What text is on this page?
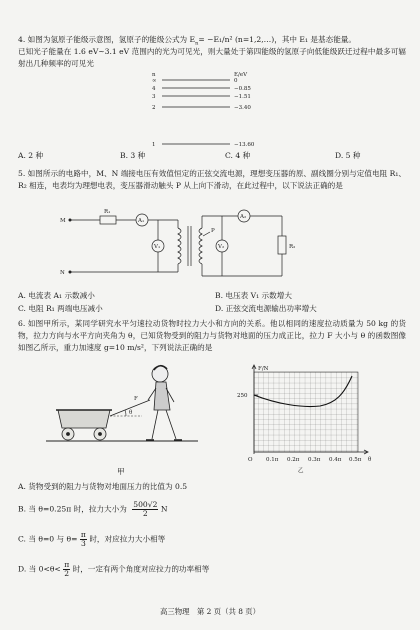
4. 如图为氢原子能级示意图，氢原子的能级公式为 $E_n= -E_1/n^2$ (n=1,2,…)，其中 E₁ 是基态能量。
已知光子能量在 1.6 eV~3.1 eV 范围内的光为可见光，则大量处于第四能级的氢原子向低能级跃迁过程中最多可辐射出几种频率的可见光
n	E/eV
∞	0
4	−0.85
3	−1.51
2	−3.40
1	−13.60
A. 2 种	B. 3 种	C. 4 种	D. 5 种
5. 如图所示的电路中，M、N 端接电压有效值恒定的正弦交流电源，理想变压器的原、副线圈分别与定值电阻 R₁、R₂ 相连，电表均为理想电表，变压器滑动触头 P 从上向下滑动，在此过程中，以下说法正确的是
M
N
R₁
A₁
V₁
P
V₂
A₂
R₂
A. 电流表 A₁ 示数减小	B. 电压表 V₁ 示数增大
C. 电阻 R₁ 两端电压减小	D. 正弦交流电源输出功率增大
6. 如图甲所示，某同学研究水平匀速拉动货物时拉力大小和方向的关系。他以相同的速度拉动质量为 50 kg 的货物，拉力方向与水平方向夹角为 θ，已知货物受到的阻力与货物对地面的压力成正比，拉力 F 大小与 θ 的函数图像如图乙所示，重力加速度 g=10 m/s²，下列说法正确的是
F
θ
甲
F/N
θ
250
O 0.1π 0.2π 0.3π 0.4π 0.5π
乙
A. 货物受到的阻力与货物对地面压力的比值为 0.5
B. 当 θ=0.25π 时，拉力大小为 $\frac{500√2}{2}$ N
C. 当 θ=0 与 $\theta= \frac{\pi}{3}$ 时，对应拉力大小相等
D. 当 $0<\theta< \frac{\pi}{2}$ 时，一定有两个角度对应拉力的功率相等
高三物理　第 2 页（共 8 页）
